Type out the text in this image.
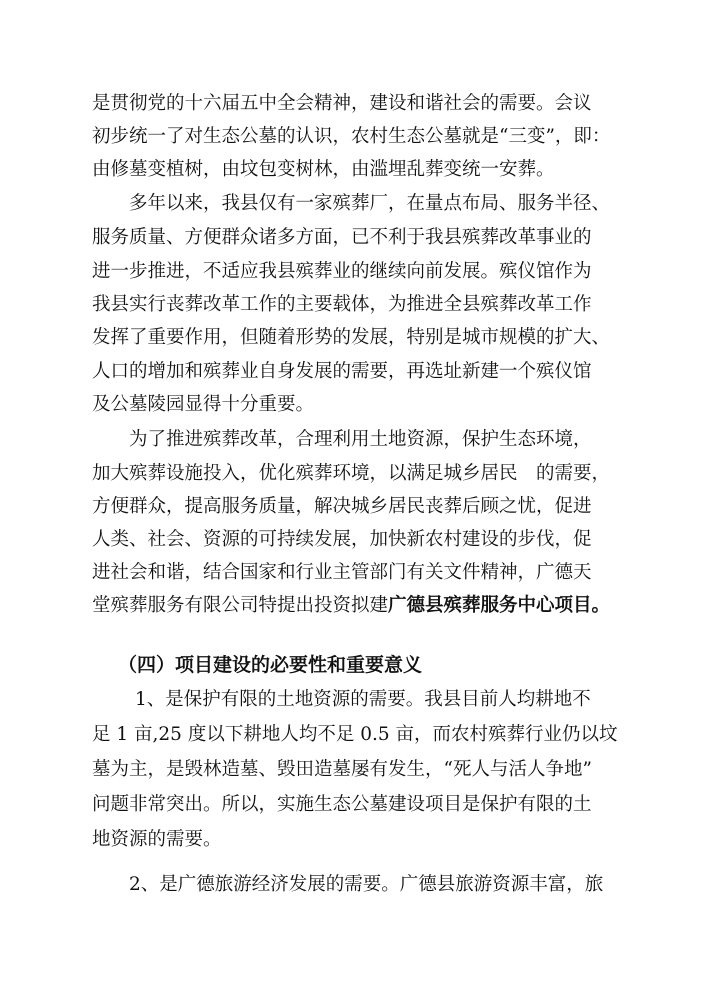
是贯彻党的十六届五中全会精神，建设和谐社会的需要。会议
初步统一了对生态公墓的认识，农村生态公墓就是“三变”，即：
由修墓变植树，由坟包变树林，由滥埋乱葬变统一安葬。
多年以来，我县仅有一家殡葬厂，在量点布局、服务半径、
服务质量、方便群众诸多方面，已不利于我县殡葬改革事业的
进一步推进，不适应我县殡葬业的继续向前发展。殡仪馆作为
我县实行丧葬改革工作的主要载体，为推进全县殡葬改革工作
发挥了重要作用，但随着形势的发展，特别是城市规模的扩大、
人口的增加和殡葬业自身发展的需要，再选址新建一个殡仪馆
及公墓陵园显得十分重要。
为了推进殡葬改革，合理利用土地资源，保护生态环境，
加大殡葬设施投入，优化殡葬环境，以满足城乡居民　的需要，
方便群众，提高服务质量，解决城乡居民丧葬后顾之忧，促进
人类、社会、资源的可持续发展，加快新农村建设的步伐，促
进社会和谐，结合国家和行业主管部门有关文件精神，广德天
堂殡葬服务有限公司特提出投资拟建广德县殡葬服务中心项目。
（四）项目建设的必要性和重要意义
1、是保护有限的土地资源的需要。我县目前人均耕地不
足 1 亩,25 度以下耕地人均不足 0.5 亩，而农村殡葬行业仍以坟
墓为主，是毁林造墓、毁田造墓屡有发生，“死人与活人争地”
问题非常突出。所以，实施生态公墓建设项目是保护有限的土
地资源的需要。
2、是广德旅游经济发展的需要。广德县旅游资源丰富，旅
